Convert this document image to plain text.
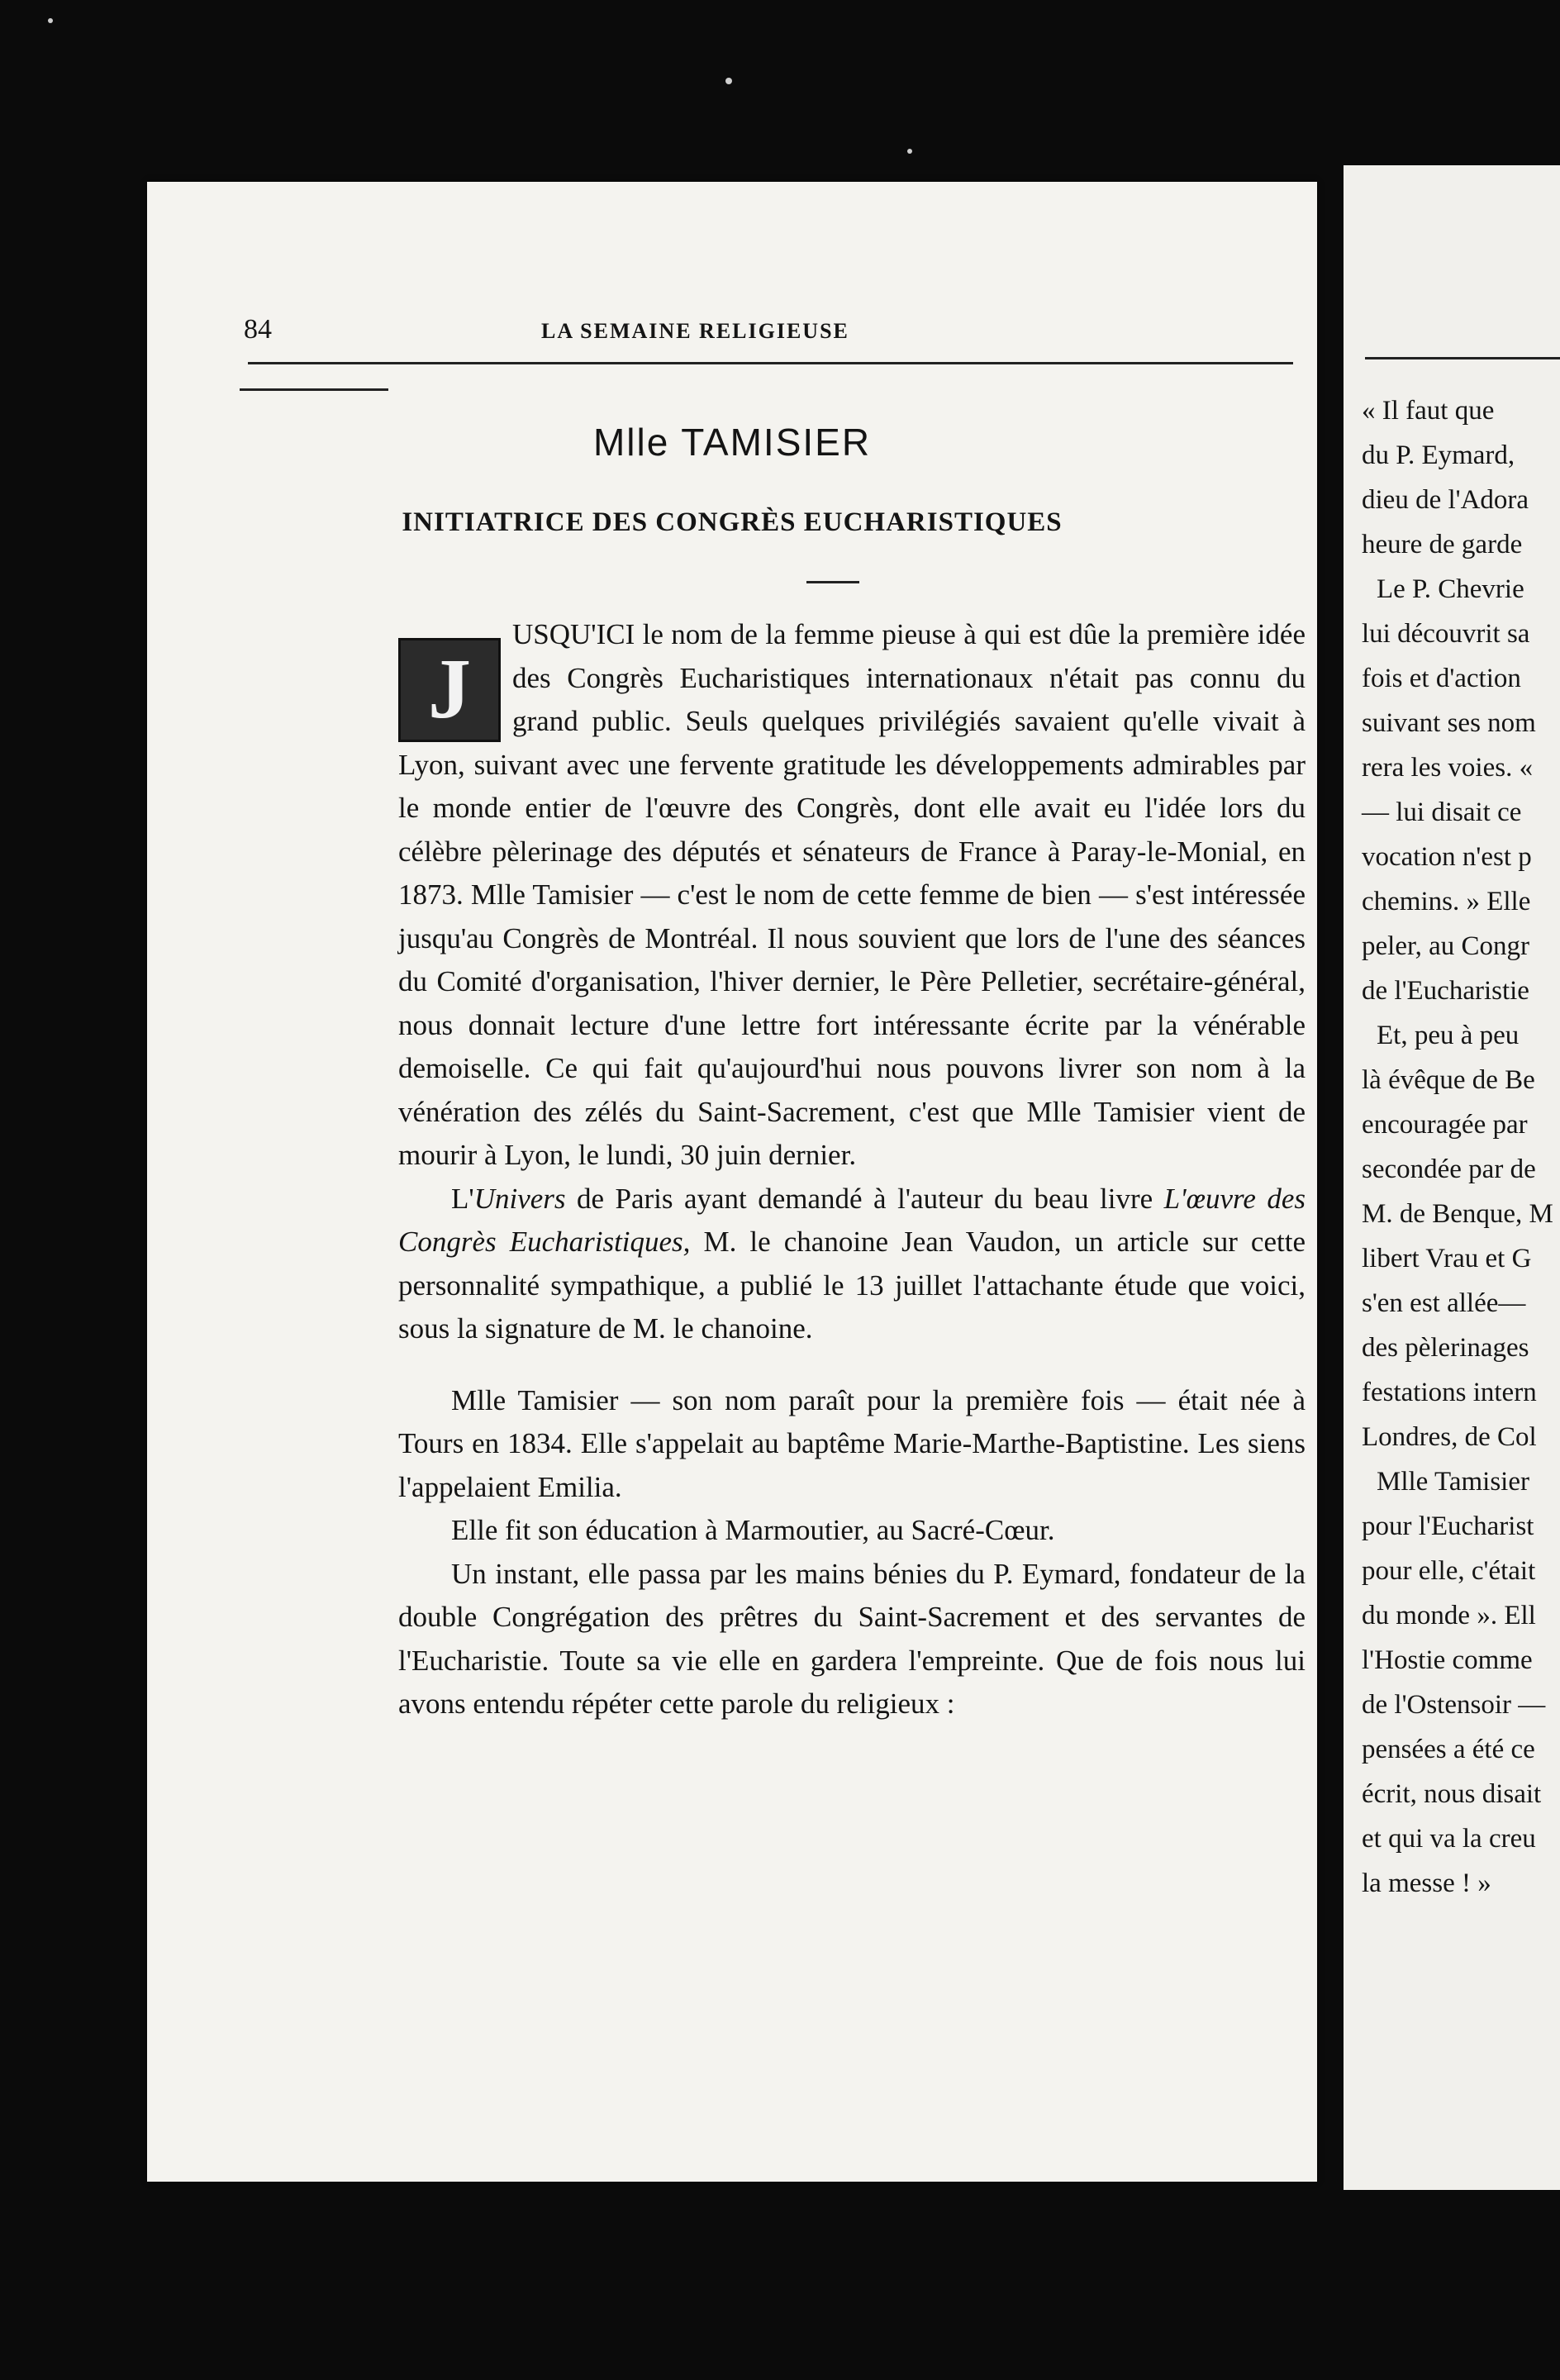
84	LA SEMAINE RELIGIEUSE
Mlle TAMISIER
INITIATRICE DES CONGRÈS EUCHARISTIQUES

J
USQU'ICI le nom de la femme pieuse à qui est dûe la première idée des Congrès Eucharistiques internationaux n'était pas connu du grand public. Seuls quelques privilégiés savaient qu'elle vivait à Lyon, suivant avec une fervente gratitude les développements admirables par le monde entier de l'œuvre des Congrès, dont elle avait eu l'idée lors du célèbre pèlerinage des députés et sénateurs de France à Paray-le-Monial, en 1873. Mlle Tamisier — c'est le nom de cette femme de bien — s'est intéressée jusqu'au Congrès de Montréal. Il nous souvient que lors de l'une des séances du Comité d'organisation, l'hiver dernier, le Père Pelletier, secrétaire-général, nous donnait lecture d'une lettre fort intéressante écrite par la vénérable demoiselle. Ce qui fait qu'aujourd'hui nous pouvons livrer son nom à la vénération des zélés du Saint-Sacrement, c'est que Mlle Tamisier vient de mourir à Lyon, le lundi, 30 juin dernier.

L'Univers de Paris ayant demandé à l'auteur du beau livre L'œuvre des Congrès Eucharistiques, M. le chanoine Jean Vaudon, un article sur cette personnalité sympathique, a publié le 13 juillet l'attachante étude que voici, sous la signature de M. le chanoine.

Mlle Tamisier — son nom paraît pour la première fois — était née à Tours en 1834. Elle s'appelait au baptême Marie-Marthe-Baptistine. Les siens l'appelaient Emilia.

Elle fit son éducation à Marmoutier, au Sacré-Cœur.

Un instant, elle passa par les mains bénies du P. Eymard, fondateur de la double Congrégation des prêtres du Saint-Sacrement et des servantes de l'Eucharistie. Toute sa vie elle en gardera l'empreinte. Que de fois nous lui avons entendu répéter cette parole du religieux :

« Il faut que
du P. Eymard,
dieu de l'Adora
heure de garde
Le P. Chevrie
lui découvrit sa
fois et d'action
suivant ses nom
rera les voies. «
— lui disait ce
vocation n'est p
chemins. » Elle
peler, au Congr
de l'Eucharistie
Et, peu à peu
là évêque de Be
encouragée par
secondée par de
M. de Benque, M
libert Vrau et G
s'en est allée—
des pèlerinages
festations intern
Londres, de Col
Mlle Tamisier
pour l'Eucharist
pour elle, c'était
du monde ». Ell
l'Hostie comme
de l'Ostensoir —
pensées a été ce
écrit, nous disait
et qui va la creu
la messe ! »
